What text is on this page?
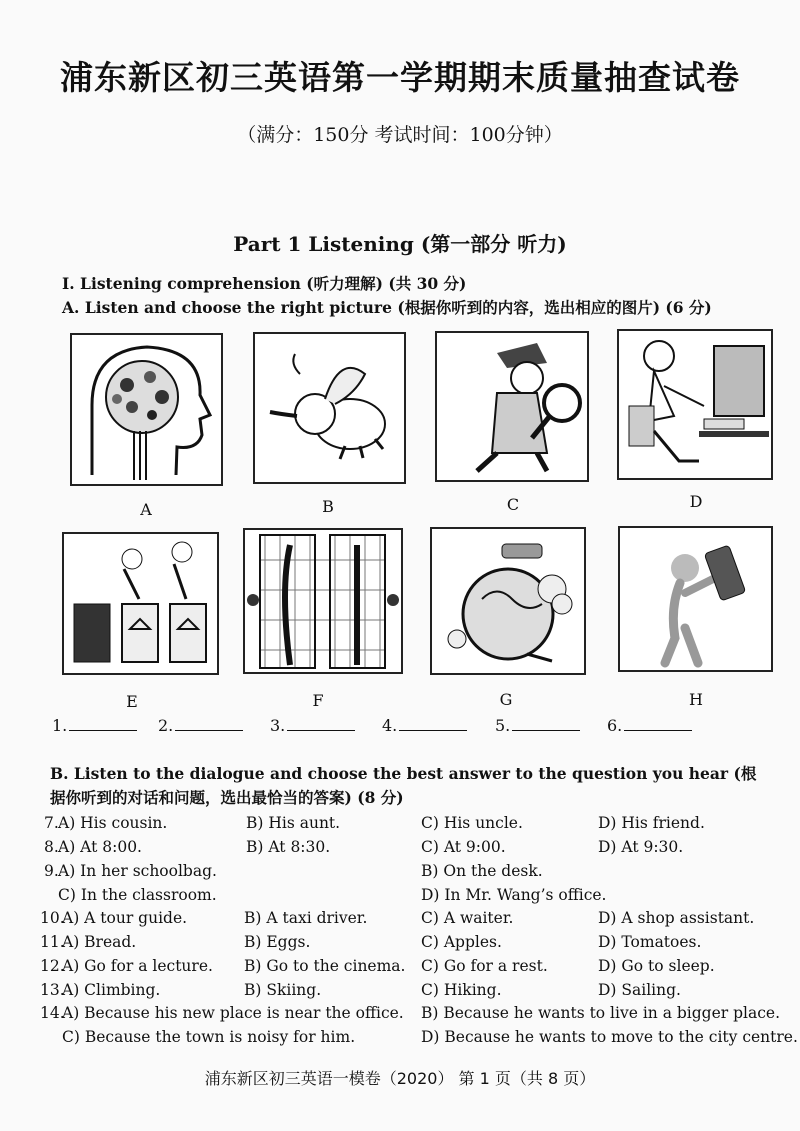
浦东新区初三英语第一学期期末质量抽查试卷
（满分：150分 考试时间：100分钟）
Part 1 Listening (第一部分 听力)
I. Listening comprehension (听力理解) (共 30 分)
A. Listen and choose the right picture (根据你听到的内容，选出相应的图片) (6 分)
A	B	C	D
E	F	G	H
1.	2.	3.	4.	5.	6.
B. Listen to the dialogue and choose the best answer to the question you hear (根据你听到的对话和问题，选出最恰当的答案) (8 分)
7. A) His cousin.	B) His aunt.	C) His uncle.	D) His friend.
8. A) At 8:00.	B) At 8:30.	C) At 9:00.	D) At 9:30.
9. A) In her schoolbag.	B) On the desk.
C) In the classroom.	D) In Mr. Wang’s office.
10.
A) A tour guide.	B) A taxi driver.	C) A waiter.	D) A shop assistant.
11.
A) Bread.	B) Eggs.	C) Apples.	D) Tomatoes.
12.
A) Go for a lecture. B) Go to the cinema. C) Go for a rest.	D) Go to sleep.
13.
A) Climbing.	B) Skiing.	C) Hiking.	D) Sailing.
14.
A) Because his new place is near the office. B) Because he wants to live in a bigger place.
C) Because the town is noisy for him.	D) Because he wants to move to the city centre.
浦东新区初三英语一模卷（2020） 第 1 页（共 8 页）
